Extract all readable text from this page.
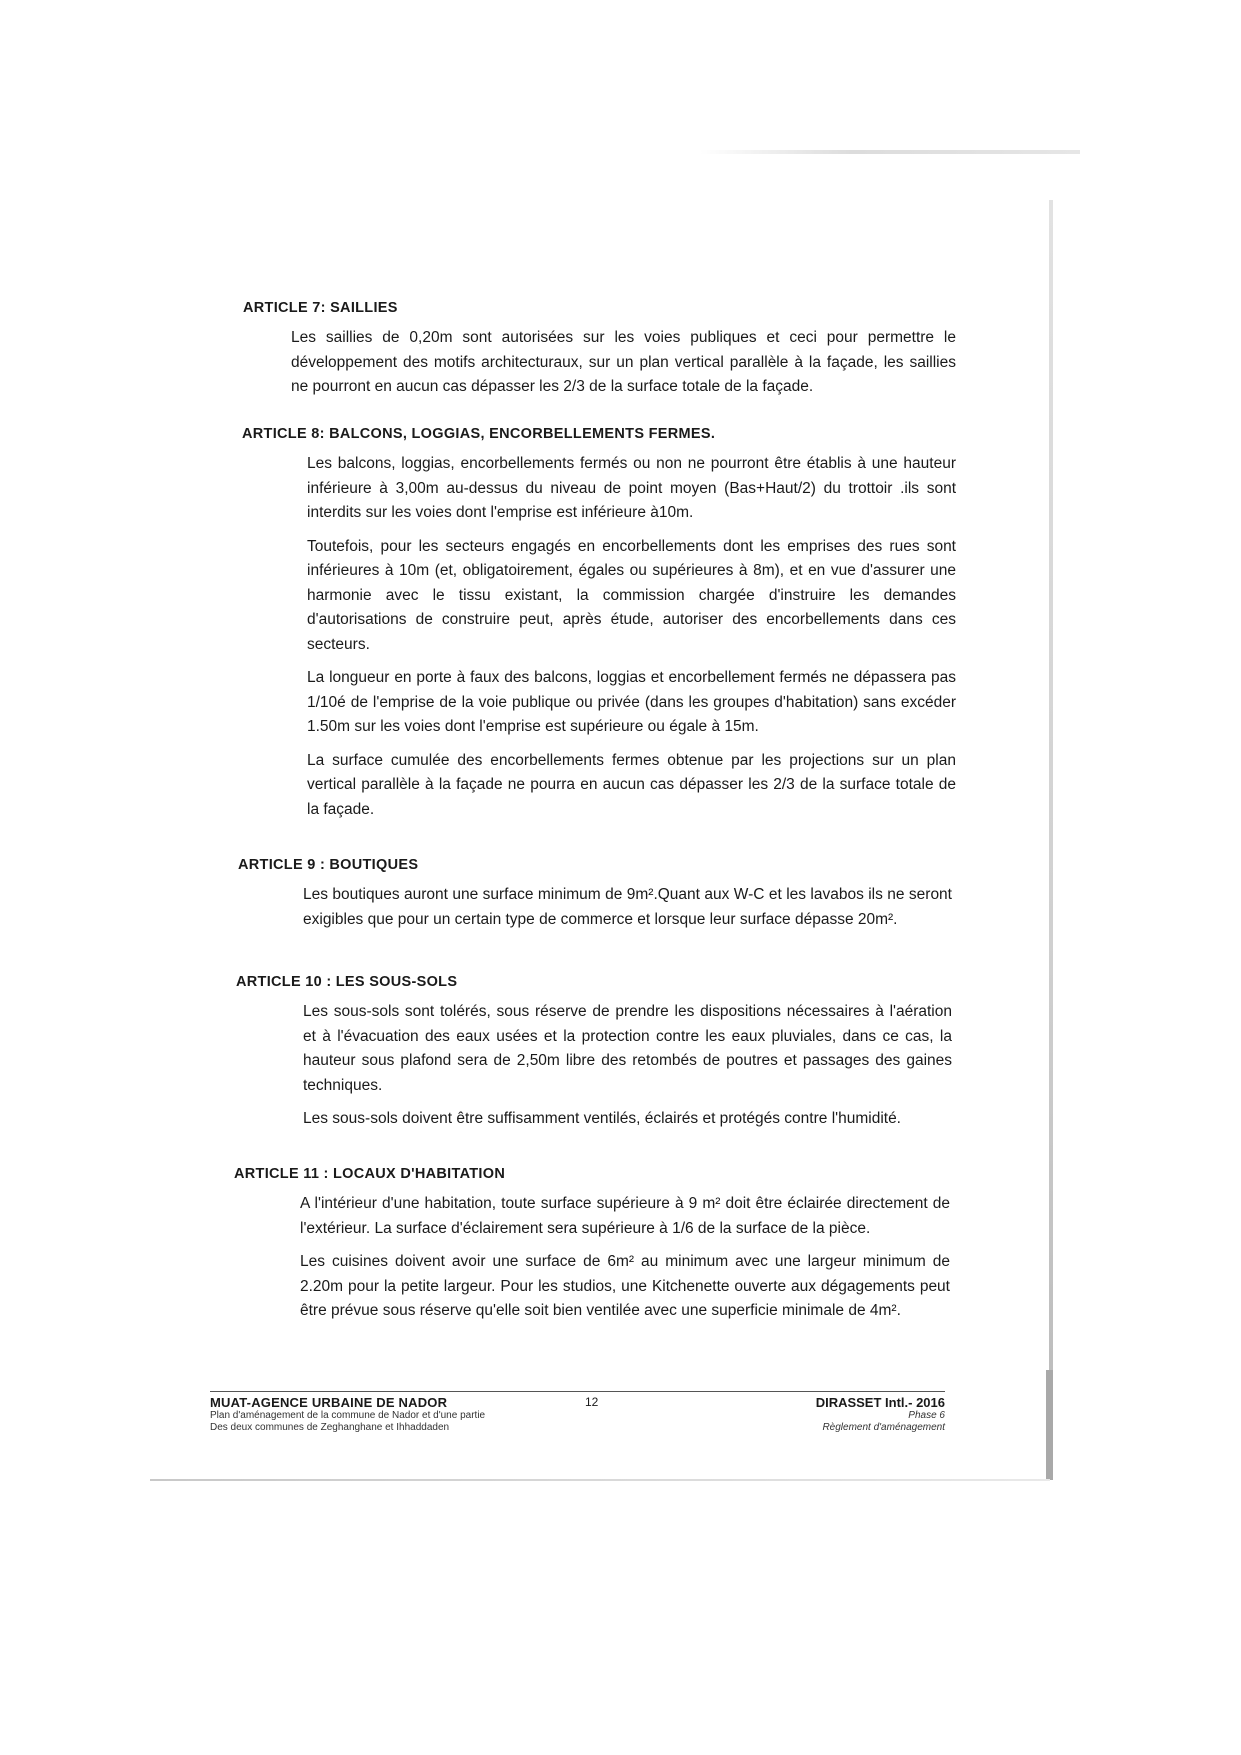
ARTICLE 7: SAILLIES

Les saillies de 0,20m sont autorisées sur les voies publiques et ceci pour permettre le développement des motifs architecturaux, sur un plan vertical parallèle à la façade, les saillies ne pourront en aucun cas dépasser les 2/3 de la surface totale de la façade.

ARTICLE 8: BALCONS, LOGGIAS, ENCORBELLEMENTS FERMES.

Les balcons, loggias, encorbellements fermés ou non ne pourront être établis à une hauteur inférieure à 3,00m au-dessus du niveau de point moyen (Bas+Haut/2) du trottoir .ils sont interdits sur les voies dont l'emprise est inférieure à10m.

Toutefois, pour les secteurs engagés en encorbellements dont les emprises des rues sont inférieures à 10m (et, obligatoirement, égales ou supérieures à 8m), et en vue d'assurer une harmonie avec le tissu existant, la commission chargée d'instruire les demandes d'autorisations de construire peut, après étude, autoriser des encorbellements dans ces secteurs.

La longueur en porte à faux des balcons, loggias et encorbellement fermés ne dépassera pas 1/10é de l'emprise de la voie publique ou privée (dans les groupes d'habitation) sans excéder 1.50m sur les voies dont l'emprise est supérieure ou égale à 15m.

La surface cumulée des encorbellements fermes obtenue par les projections sur un plan vertical parallèle à la façade ne pourra en aucun cas dépasser les 2/3 de la surface totale de la façade.

ARTICLE 9 : BOUTIQUES

Les boutiques auront une surface minimum de 9m².Quant aux W-C et les lavabos ils ne seront exigibles que pour un certain type de commerce et lorsque leur surface dépasse 20m².

ARTICLE 10 : LES SOUS-SOLS

Les sous-sols sont tolérés, sous réserve de prendre les dispositions nécessaires à l'aération et à l'évacuation des eaux usées et la protection contre les eaux pluviales, dans ce cas, la hauteur sous plafond sera de 2,50m libre des retombés de poutres et passages des gaines techniques.

Les sous-sols doivent être suffisamment ventilés, éclairés et protégés contre l'humidité.

ARTICLE 11 : LOCAUX D'HABITATION

A l'intérieur d'une habitation, toute surface supérieure à 9 m² doit être éclairée directement de l'extérieur. La surface d'éclairement sera supérieure à 1/6 de la surface de la pièce.

Les cuisines doivent avoir une surface de 6m² au minimum avec une largeur minimum de 2.20m pour la petite largeur. Pour les studios, une Kitchenette ouverte aux dégagements peut être prévue sous réserve qu'elle soit bien ventilée avec une superficie minimale de 4m².

MUAT-AGENCE URBAINE DE NADOR
Plan d'aménagement de la commune de Nador et d'une partie
Des deux communes de Zeghanghane et Ihhaddaden
12	DIRASSET Intl.- 2016
Phase 6
Règlement d'aménagement
